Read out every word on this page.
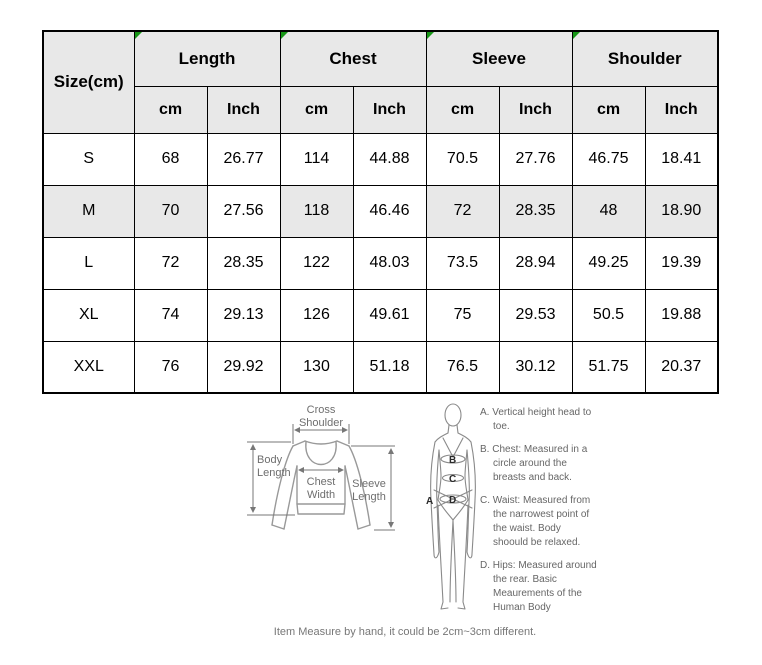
Size(cm)	Length		Chest		Sleeve		Shoulder	
	cm	Inch	cm	Inch	cm	Inch	cm	Inch
S	68	26.77	114	44.88	70.5	27.76	46.75	18.41
M	70	27.56	118	46.46	72	28.35	48	18.90
L	72	28.35	122	48.03	73.5	28.94	49.25	19.39
XL	74	29.13	126	49.61	75	29.53	50.5	19.88
XXL	76	29.92	130	51.18	76.5	30.12	51.75	20.37
Cross Shoulder
Body Length
Chest Width
Sleeve Length	A
B
C
D
A. Vertical height head to toe.
B. Chest: Measured in a circle around the breasts and back.
C. Waist: Measured from the narrowest point of the waist. Body shoould be relaxed.
D. Hips: Measured around the rear. Basic Meaurements of the Human Body
Item Measure by hand, it could be 2cm~3cm different.
